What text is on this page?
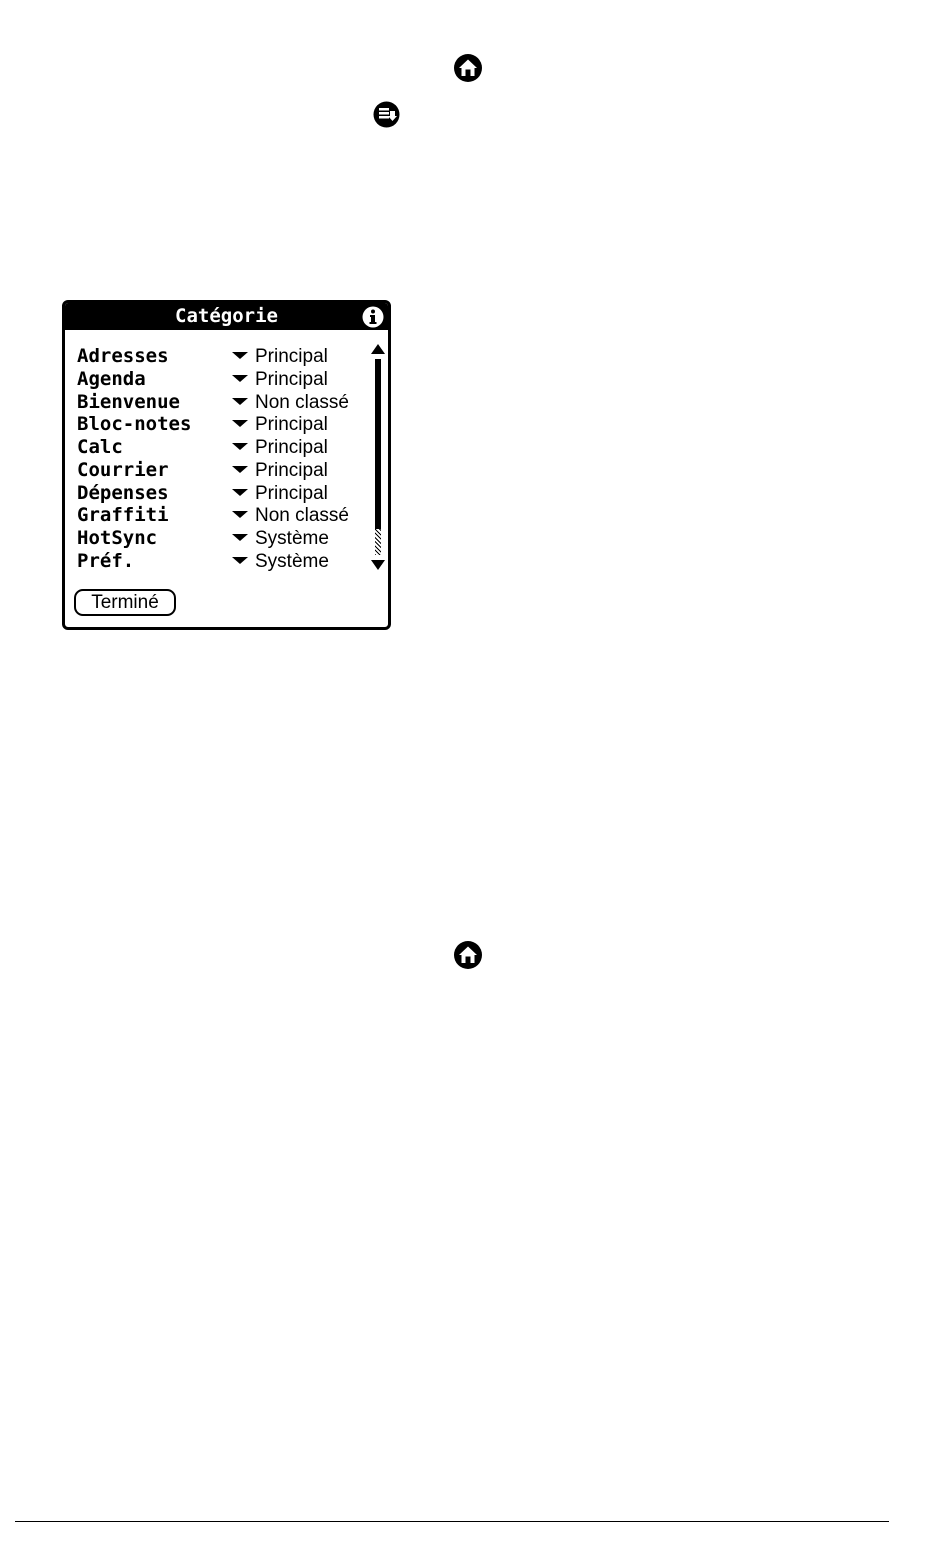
Catégorie
Adresses	Principal
Agenda	Principal
Bienvenue	Non classé
Bloc-notes	Principal
Calc	Principal
Courrier	Principal
Dépenses	Principal
Graffiti	Non classé
HotSync	Système
Préf.	Système
Terminé
